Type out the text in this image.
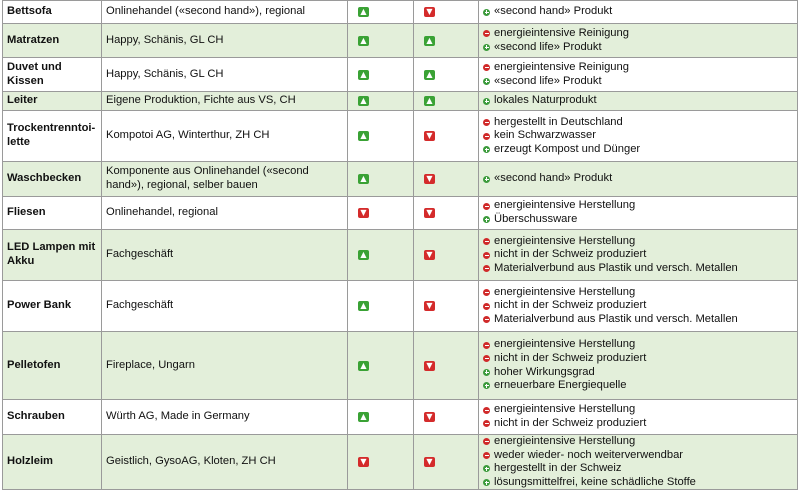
Bettsofa	Onlinehandel («second hand»), regional	▲	▼	«second hand» Produkt

Matratzen	Happy, Schänis, GL CH	▲	▲	energieintensive Reinigung
«second life» Produkt

Duvet und Kissen	Happy, Schänis, GL CH	▲	▲	energieintensive Reinigung
«second life» Produkt

Leiter	Eigene Produktion, Fichte aus VS, CH	▲	▲	lokales Naturprodukt

Trockentrenntoi-lette	Kompotoi AG, Winterthur, ZH CH	▲	▼	hergestellt in Deutschland
kein Schwarzwasser
erzeugt Kompost und Dünger

Waschbecken	Komponente aus Onlinehandel («second hand»), regional, selber bauen	▲	▼	«second hand» Produkt

Fliesen	Onlinehandel, regional	▼	▼	energieintensive Herstellung
Überschussware

LED Lampen mit Akku	Fachgeschäft	▲	▼	energieintensive Herstellung
nicht in der Schweiz produziert
Materialverbund aus Plastik und versch. Metallen

Power Bank	Fachgeschäft	▲	▼	energieintensive Herstellung
nicht in der Schweiz produziert
Materialverbund aus Plastik und versch. Metallen

Pelletofen	Fireplace, Ungarn	▲	▼	energieintensive Herstellung
nicht in der Schweiz produziert
hoher Wirkungsgrad
erneuerbare Energiequelle

Schrauben	Würth AG, Made in Germany	▲	▼	energieintensive Herstellung
nicht in der Schweiz produziert

Holzleim	Geistlich, GysoAG, Kloten, ZH CH	▼	▼	energieintensive Herstellung
weder wieder- noch weiterverwendbar
hergestellt in der Schweiz
lösungsmittelfrei, keine schädliche Stoffe
